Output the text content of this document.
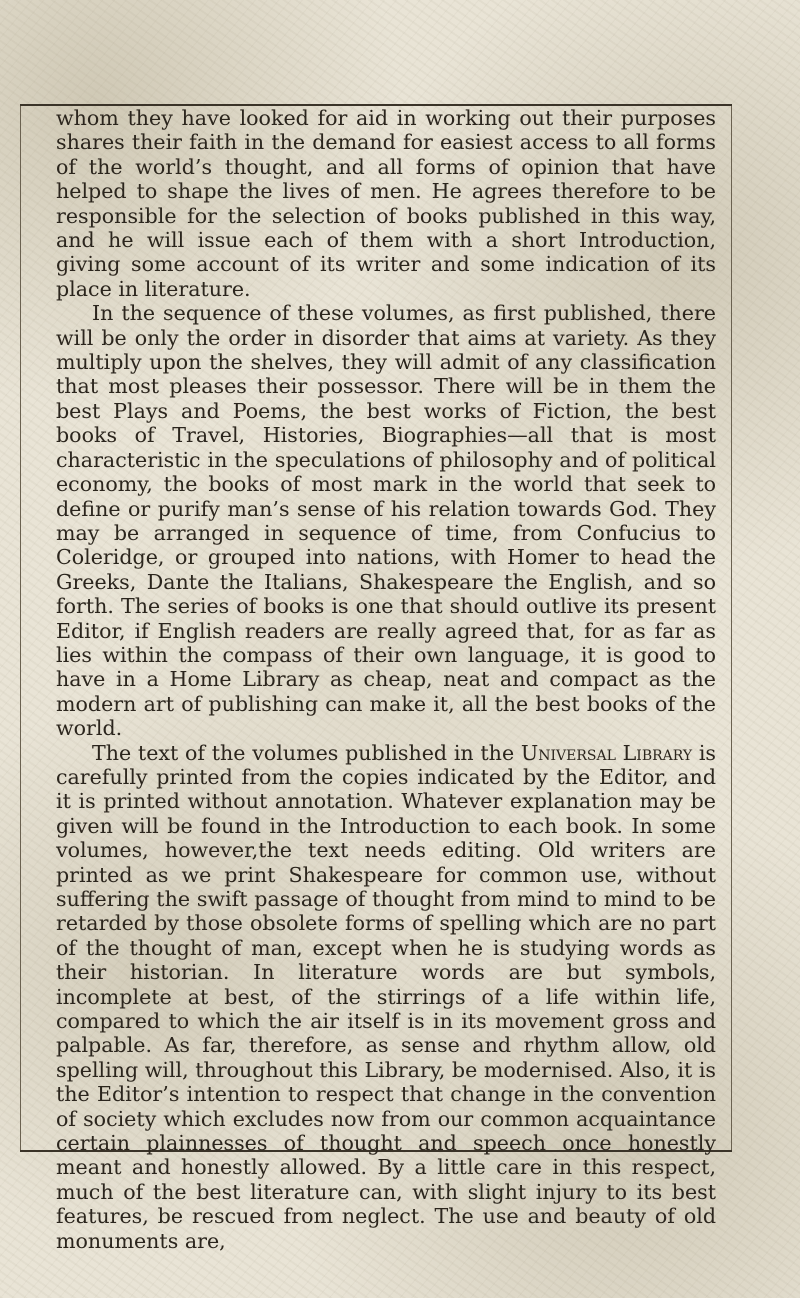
whom they have looked for aid in working out their purposes shares their faith in the demand for easiest access to all forms of the world’s thought, and all forms of opinion that have helped to shape the lives of men. He agrees therefore to be responsible for the selection of books published in this way, and he will issue each of them with a short Introduction, giving some account of its writer and some indication of its place in literature.

In the sequence of these volumes, as first published, there will be only the order in disorder that aims at variety. As they multiply upon the shelves, they will admit of any classification that most pleases their possessor. There will be in them the best Plays and Poems, the best works of Fiction, the best books of Travel, Histories, Biographies—all that is most characteristic in the speculations of philosophy and of political economy, the books of most mark in the world that seek to define or purify man’s sense of his relation towards God. They may be arranged in sequence of time, from Confucius to Coleridge, or grouped into nations, with Homer to head the Greeks, Dante the Italians, Shakespeare the English, and so forth. The series of books is one that should outlive its present Editor, if English readers are really agreed that, for as far as lies within the compass of their own language, it is good to have in a Home Library as cheap, neat and compact as the modern art of publishing can make it, all the best books of the world.

The text of the volumes published in the Universal Library is carefully printed from the copies indicated by the Editor, and it is printed without annotation. Whatever explanation may be given will be found in the Introduction to each book. In some volumes, however,the text needs editing. Old writers are printed as we print Shakespeare for common use, without suffering the swift passage of thought from mind to mind to be retarded by those obsolete forms of spelling which are no part of the thought of man, except when he is studying words as their historian. In literature words are but symbols, incomplete at best, of the stirrings of a life within life, compared to which the air itself is in its movement gross and palpable. As far, therefore, as sense and rhythm allow, old spelling will, throughout this Library, be modernised. Also, it is the Editor’s intention to respect that change in the convention of society which excludes now from our common acquaintance certain plainnesses of thought and speech once honestly meant and honestly allowed. By a little care in this respect, much of the best literature can, with slight injury to its best features, be rescued from neglect. The use and beauty of old monuments are,
